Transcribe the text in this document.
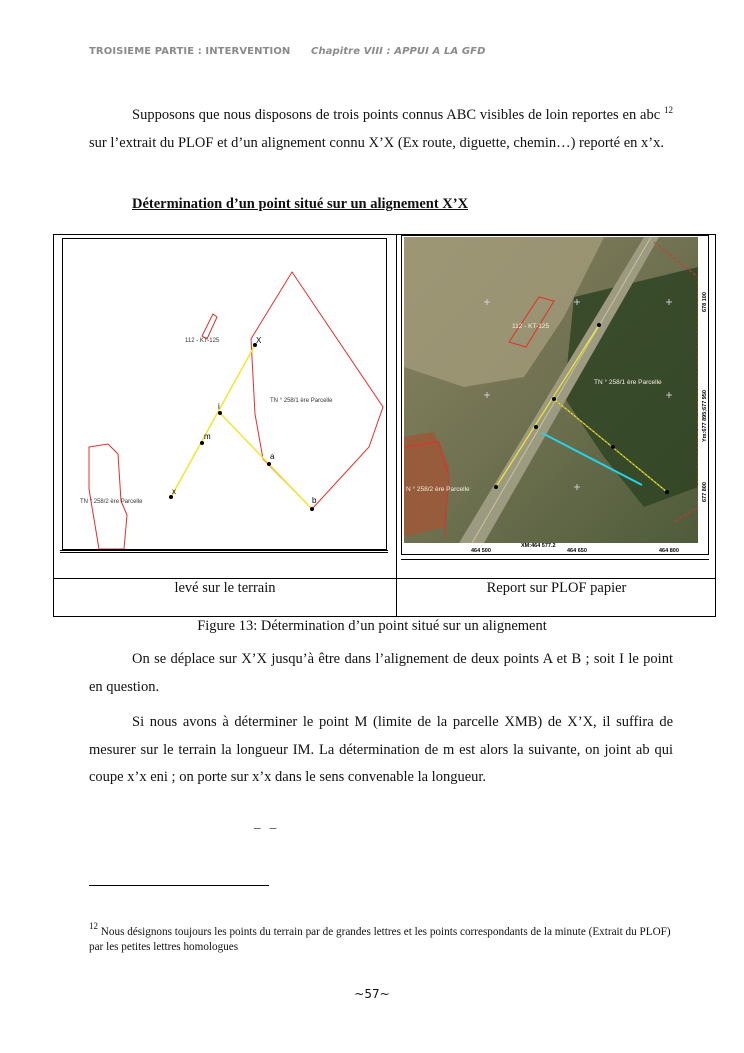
TROISIEME PARTIE : INTERVENTION Chapitre VIII : APPUI A LA GFD
Supposons que nous disposons de trois points connus ABC visibles de loin reportes en abc $^{12}$ sur l’extrait du PLOF et d’un alignement connu X’X (Ex route, diguette, chemin…) reporté en x’x.
Détermination d’un point situé sur un alignement X’X
112 - KT-125
TN ° 258/1 ère Parcelle
TN ° 258/2 ère Parcelle
x
X
i
m
a
b
112 - KT-125
TN ° 258/1 ère Parcelle
N ° 258/2 ère Parcelle
464 500
XM:464 577.2
464 650	464 800
678 100
Ym:677 895;677 950
677 800
levé sur le terrain	Report sur PLOF papier
Figure 13: Détermination d’un point situé sur un alignement
On se déplace sur X’X jusqu’à être dans l’alignement de deux points A et B ; soit I le point en question.
Si nous avons à déterminer le point M (limite de la parcelle XMB) de X’X, il suffira de mesurer sur le terrain la longueur IM. La détermination de m est alors la suivante, on joint ab qui coupe x’x eni ; on porte sur x’x dans le sens convenable la longueur.
_ _
$^{12}$ Nous désignons toujours les points du terrain par de grandes lettres et les points correspondants de la minute (Extrait du PLOF) par les petites lettres homologues
~57~
